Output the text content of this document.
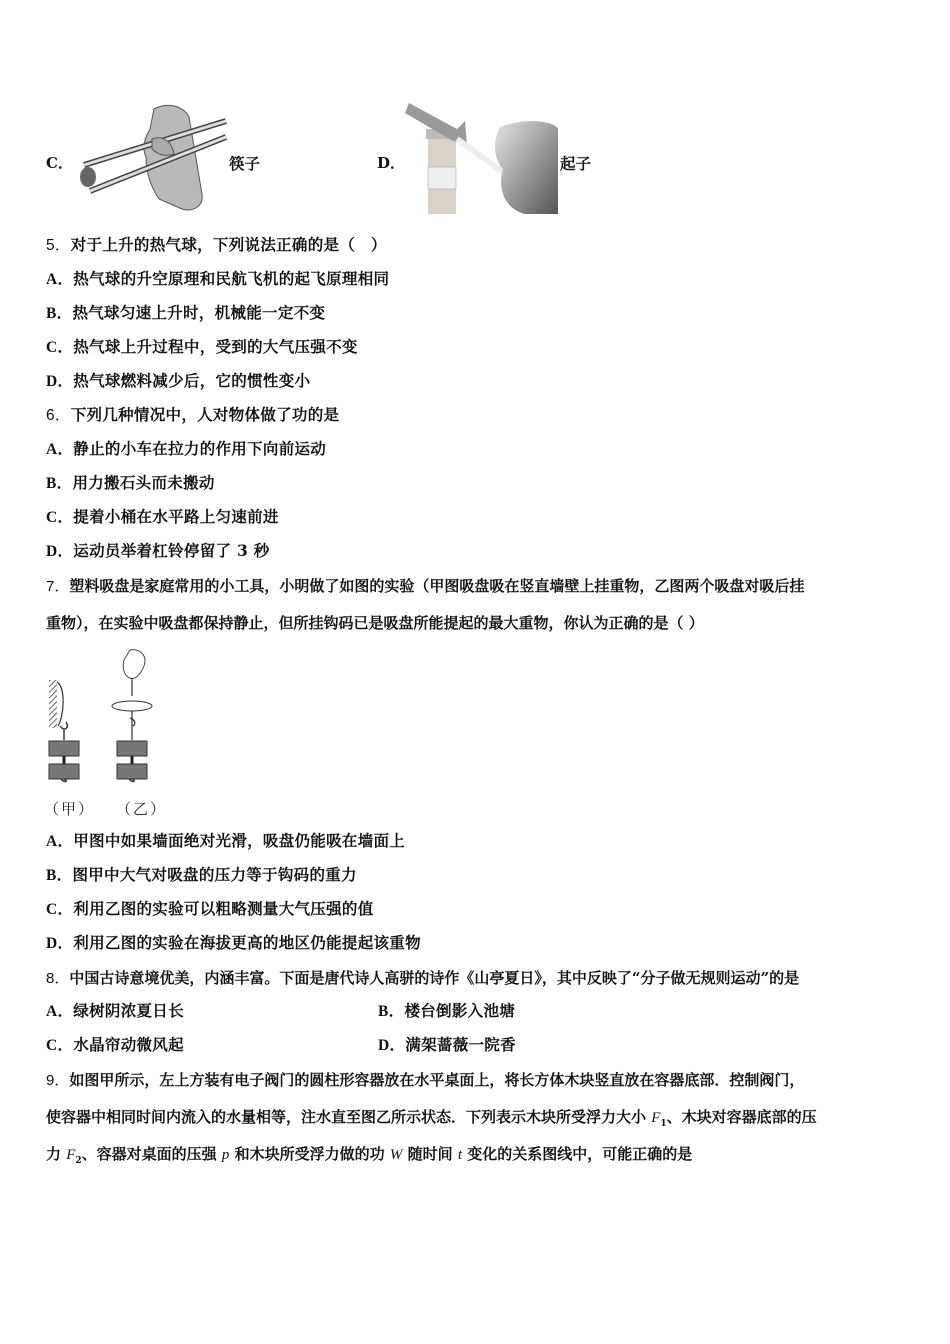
C．	筷子	D．	起子
5．对于上升的热气球，下列说法正确的是（　）
A．热气球的升空原理和民航飞机的起飞原理相同
B．热气球匀速上升时，机械能一定不变
C．热气球上升过程中，受到的大气压强不变
D．热气球燃料减少后，它的惯性变小
6．下列几种情况中，人对物体做了功的是
A．静止的小车在拉力的作用下向前运动
B．用力搬石头而未搬动
C．提着小桶在水平路上匀速前进
D．运动员举着杠铃停留了 3 秒
7．塑料吸盘是家庭常用的小工具，小明做了如图的实验（甲图吸盘吸在竖直墙壁上挂重物，乙图两个吸盘对吸后挂
重物），在实验中吸盘都保持静止，但所挂钩码已是吸盘所能提起的最大重物，你认为正确的是（ ）
（甲） （乙）
A．甲图中如果墙面绝对光滑，吸盘仍能吸在墙面上
B．图甲中大气对吸盘的压力等于钩码的重力
C．利用乙图的实验可以粗略测量大气压强的值
D．利用乙图的实验在海拔更高的地区仍能提起该重物
8．中国古诗意境优美，内涵丰富。下面是唐代诗人高骈的诗作《山亭夏日》，其中反映了“分子做无规则运动”的是
A．绿树阴浓夏日长	B．楼台倒影入池塘
C．水晶帘动微风起	D．满架蔷薇一院香
9．如图甲所示，左上方装有电子阀门的圆柱形容器放在水平桌面上，将长方体木块竖直放在容器底部．控制阀门，
使容器中相同时间内流入的水量相等，注水直至图乙所示状态．下列表示木块所受浮力大小 $F_1$、木块对容器底部的压
力 $F_2$、容器对桌面的压强 p 和木块所受浮力做的功 W 随时间 t 变化的关系图线中，可能正确的是
